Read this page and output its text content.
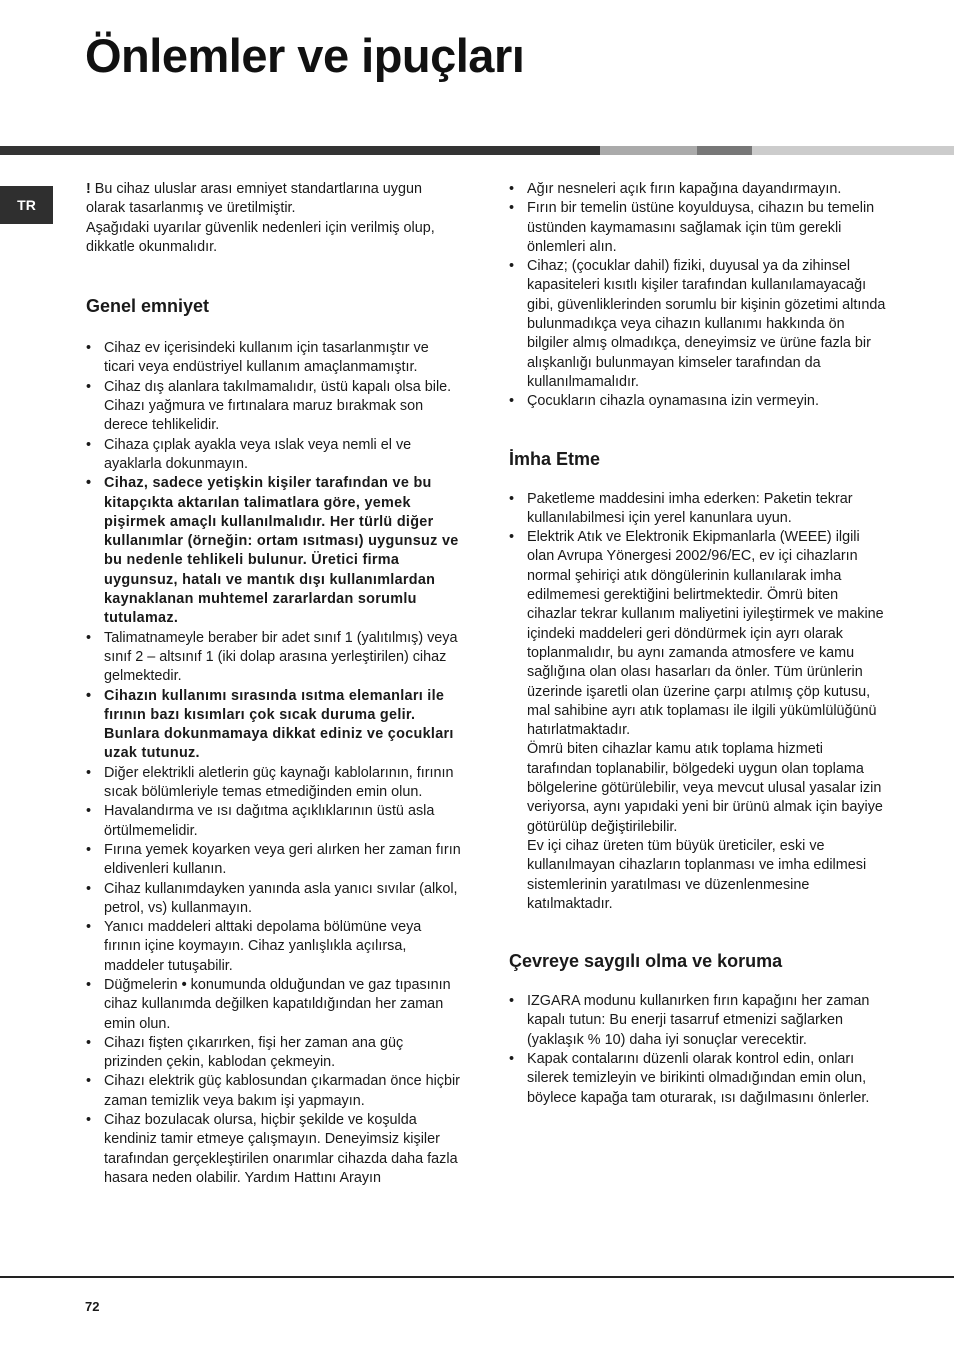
Önlemler ve ipuçları
TR

! Bu cihaz uluslar arası emniyet standartlarına uygun olarak tasarlanmış ve üretilmiştir.

Aşağıdaki uyarılar güvenlik nedenleri için verilmiş olup, dikkatle okunmalıdır.

Genel emniyet
• Cihaz ev içerisindeki kullanım için tasarlanmıştır ve ticari veya endüstriyel kullanım amaçlanmamıştır.
• Cihaz dış alanlara takılmamalıdır, üstü kapalı olsa bile. Cihazı yağmura ve fırtınalara maruz bırakmak son derece tehlikelidir.
• Cihaza çıplak ayakla veya ıslak veya nemli el ve ayaklarla dokunmayın.
• Cihaz, sadece yetişkin kişiler tarafından ve bu kitapçıkta aktarılan talimatlara göre, yemek pişirmek amaçlı kullanılmalıdır. Her türlü diğer kullanımlar (örneğin: ortam ısıtması) uygunsuz ve bu nedenle tehlikeli bulunur. Üretici firma uygunsuz, hatalı ve mantık dışı kullanımlardan kaynaklanan muhtemel zararlardan sorumlu tutulamaz.
• Talimatnameyle beraber bir adet sınıf 1 (yalıtılmış) veya sınıf 2 – altsınıf 1 (iki dolap arasına yerleştirilen) cihaz gelmektedir.
• Cihazın kullanımı sırasında ısıtma elemanları ile fırının bazı kısımları çok sıcak duruma gelir. Bunlara dokunmamaya dikkat ediniz ve çocukları uzak tutunuz.
• Diğer elektrikli aletlerin güç kaynağı kablolarının, fırının sıcak bölümleriyle temas etmediğinden emin olun.
• Havalandırma ve ısı dağıtma açıklıklarının üstü asla örtülmemelidir.
• Fırına yemek koyarken veya geri alırken her zaman fırın eldivenleri kullanın.
• Cihaz kullanımdayken yanında asla yanıcı sıvılar (alkol, petrol, vs) kullanmayın.
• Yanıcı maddeleri alttaki depolama bölümüne veya fırının içine koymayın. Cihaz yanlışlıkla açılırsa, maddeler tutuşabilir.
• Düğmelerin • konumunda olduğundan ve gaz tıpasının cihaz kullanımda değilken kapatıldığından her zaman emin olun.
• Cihazı fişten çıkarırken, fişi her zaman ana güç prizinden çekin, kablodan çekmeyin.
• Cihazı elektrik güç kablosundan çıkarmadan önce hiçbir zaman temizlik veya bakım işi yapmayın.
• Cihaz bozulacak olursa, hiçbir şekilde ve koşulda kendiniz tamir etmeye çalışmayın. Deneyimsiz kişiler tarafından gerçekleştirilen onarımlar cihazda daha fazla hasara neden olabilir. Yardım Hattını Arayın
• Ağır nesneleri açık fırın kapağına dayandırmayın.
• Fırın bir temelin üstüne koyulduysa, cihazın bu temelin üstünden kaymamasını sağlamak için tüm gerekli önlemleri alın.
• Cihaz; (çocuklar dahil) fiziki, duyusal ya da zihinsel kapasiteleri kısıtlı kişiler tarafından kullanılamayacağı gibi, güvenliklerinden sorumlu bir kişinin gözetimi altında bulunmadıkça veya cihazın kullanımı hakkında ön bilgiler almış olmadıkça, deneyimsiz ve ürüne fazla bir alışkanlığı bulunmayan kimseler tarafından da kullanılmamalıdır.
• Çocukların cihazla oynamasına izin vermeyin.
İmha Etme
• Paketleme maddesini imha ederken: Paketin tekrar kullanılabilmesi için yerel kanunlara uyun.
• Elektrik Atık ve Elektronik Ekipmanlarla (WEEE) ilgili olan Avrupa Yönergesi 2002/96/EC, ev içi cihazların normal şehiriçi atık döngülerinin kullanılarak imha edilmemesi gerektiğini belirtmektedir. Ömrü biten cihazlar tekrar kullanım maliyetini iyileştirmek ve makine içindeki maddeleri geri döndürmek için ayrı olarak toplanmalıdır, bu aynı zamanda atmosfere ve kamu sağlığına olan olası hasarları da önler. Tüm ürünlerin üzerinde işaretli olan üzerine çarpı atılmış çöp kutusu, mal sahibine ayrı atık toplaması ile ilgili yükümlülüğünü hatırlatmaktadır.

Ömrü biten cihazlar kamu atık toplama hizmeti tarafından toplanabilir, bölgedeki uygun olan toplama bölgelerine götürülebilir, veya mevcut ulusal yasalar izin veriyorsa, aynı yapıdaki yeni bir ürünü almak için bayiye götürülüp değiştirilebilir.

Ev içi cihaz üreten tüm büyük üreticiler, eski ve kullanılmayan cihazların toplanması ve imha edilmesi sistemlerinin yaratılması ve düzenlenmesine katılmaktadır.

Çevreye saygılı olma ve koruma
• IZGARA modunu kullanırken fırın kapağını her zaman kapalı tutun: Bu enerji tasarruf etmenizi sağlarken (yaklaşık % 10) daha iyi sonuçlar verecektir.
• Kapak contalarını düzenli olarak kontrol edin, onları silerek temizleyin ve birikinti olmadığından emin olun, böylece kapağa tam oturarak, ısı dağılmasını önlerler.
72
